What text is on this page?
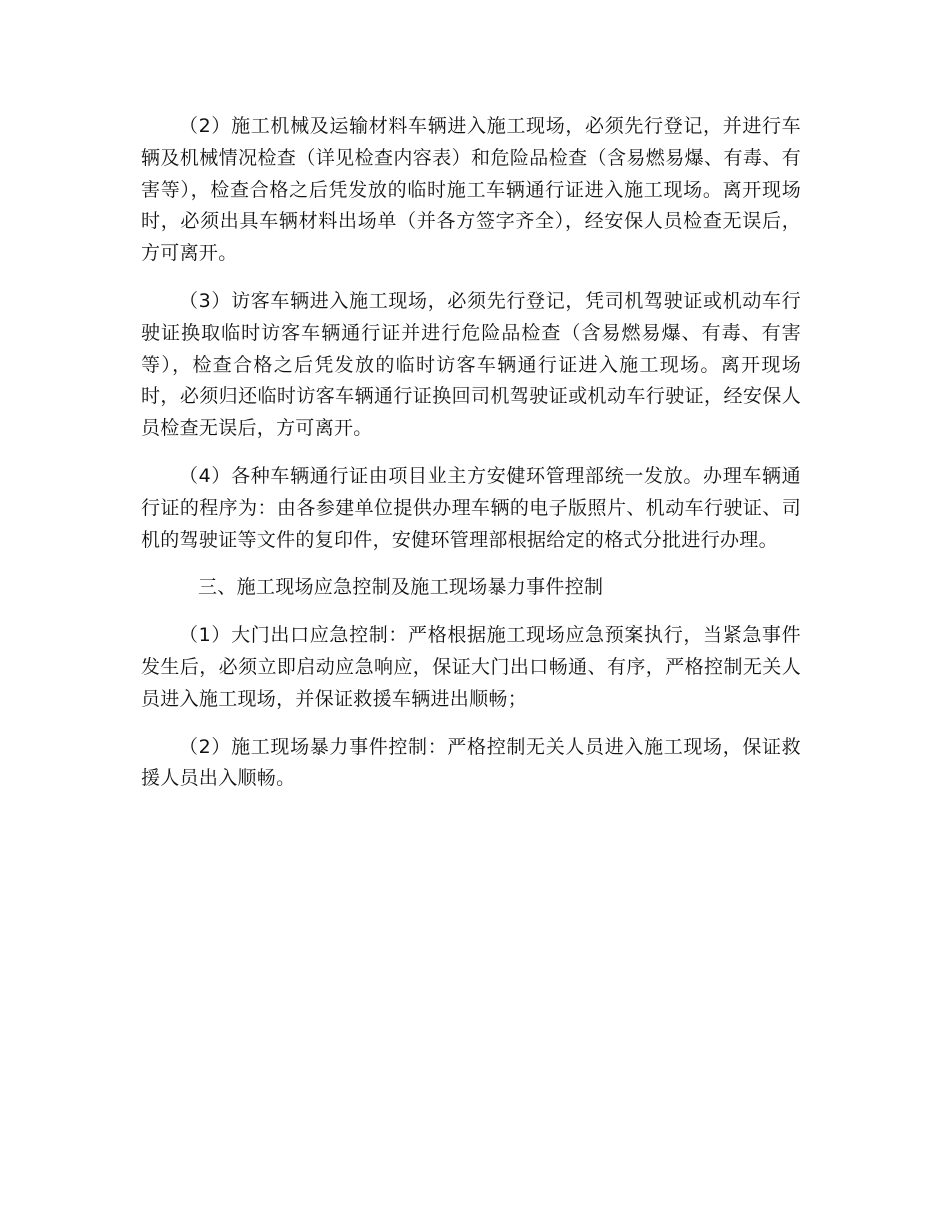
（2）施工机械及运输材料车辆进入施工现场，必须先行登记，并进行车辆及机械情况检查（详见检查内容表）和危险品检查（含易燃易爆、有毒、有害等），检查合格之后凭发放的临时施工车辆通行证进入施工现场。离开现场时，必须出具车辆材料出场单（并各方签字齐全），经安保人员检查无误后，方可离开。

（3）访客车辆进入施工现场，必须先行登记，凭司机驾驶证或机动车行驶证换取临时访客车辆通行证并进行危险品检查（含易燃易爆、有毒、有害等），检查合格之后凭发放的临时访客车辆通行证进入施工现场。离开现场时，必须归还临时访客车辆通行证换回司机驾驶证或机动车行驶证，经安保人员检查无误后，方可离开。

（4）各种车辆通行证由项目业主方安健环管理部统一发放。办理车辆通行证的程序为：由各参建单位提供办理车辆的电子版照片、机动车行驶证、司机的驾驶证等文件的复印件，安健环管理部根据给定的格式分批进行办理。

三、施工现场应急控制及施工现场暴力事件控制

（1）大门出口应急控制：严格根据施工现场应急预案执行，当紧急事件发生后，必须立即启动应急响应，保证大门出口畅通、有序，严格控制无关人员进入施工现场，并保证救援车辆进出顺畅；

（2）施工现场暴力事件控制：严格控制无关人员进入施工现场，保证救援人员出入顺畅。
